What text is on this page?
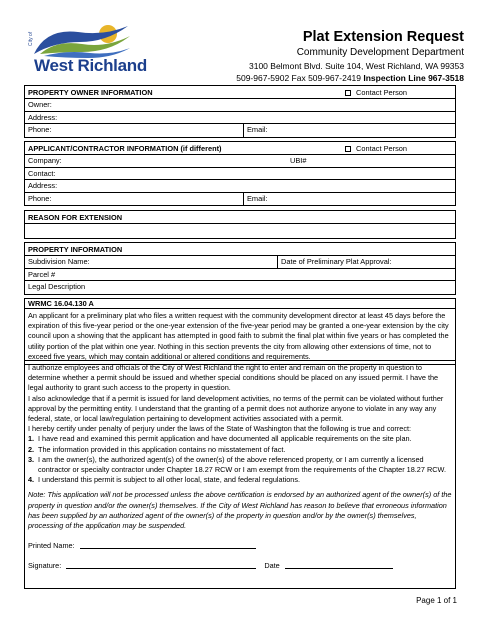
City of
West Richland
Plat Extension Request
Community Development Department
3100 Belmont Blvd. Suite 104, West Richland, WA 99353
509-967-5902 Fax 509-967-2419 Inspection Line 967-3518
PROPERTY OWNER INFORMATION	Contact Person
Owner:
Address:
Phone:	Email:
APPLICANT/CONTRACTOR INFORMATION (if different)	Contact Person
Company:	UBI#
Contact:
Address:
Phone:	Email:
REASON FOR EXTENSION
PROPERTY INFORMATION
Subdivision Name:	Date of Preliminary Plat Approval:
Parcel #
Legal Description
WRMC 16.04.130 A
An applicant for a preliminary plat who files a written request with the community development director at least 45 days before the expiration of this five-year period or the one-year extension of the five-year period may be granted a one-year extension by the city council upon a showing that the applicant has attempted in good faith to submit the final plat within five years or has completed the utility portion of the plat within one year. Nothing in this section prevents the city from allowing other extensions of time, not to exceed five years, which may contain additional or altered conditions and requirements.
I authorize employees and officials of the City of West Richland the right to enter and remain on the property in question to determine whether a permit should be issued and whether special conditions should be placed on any issued permit. I have the legal authority to grant such access to the property in question.
I also acknowledge that if a permit is issued for land development activities, no terms of the permit can be violated without further approval by the permitting entity. I understand that the granting of a permit does not authorize anyone to violate in any way any federal, state, or local law/regulation pertaining to development activities associated with a permit.
I hereby certify under penalty of perjury under the laws of the State of Washington that the following is true and correct:
1. I have read and examined this permit application and have documented all applicable requirements on the site plan.
2. The information provided in this application contains no misstatement of fact.
3. I am the owner(s), the authorized agent(s) of the owner(s) of the above referenced property, or I am currently a licensed contractor or specialty contractor under Chapter 18.27 RCW or I am exempt from the requirements of the Chapter 18.27 RCW.
4. I understand this permit is subject to all other local, state, and federal regulations.
Note: This application will not be processed unless the above certification is endorsed by an authorized agent of the owner(s) of the property in question and/or the owner(s) themselves. If the City of West Richland has reason to believe that erroneous information has been supplied by an authorized agent of the owner(s) of the property in question and/or by the owner(s) themselves, processing of the application may be suspended.
Printed Name:
Signature:	Date
Page 1 of 1
